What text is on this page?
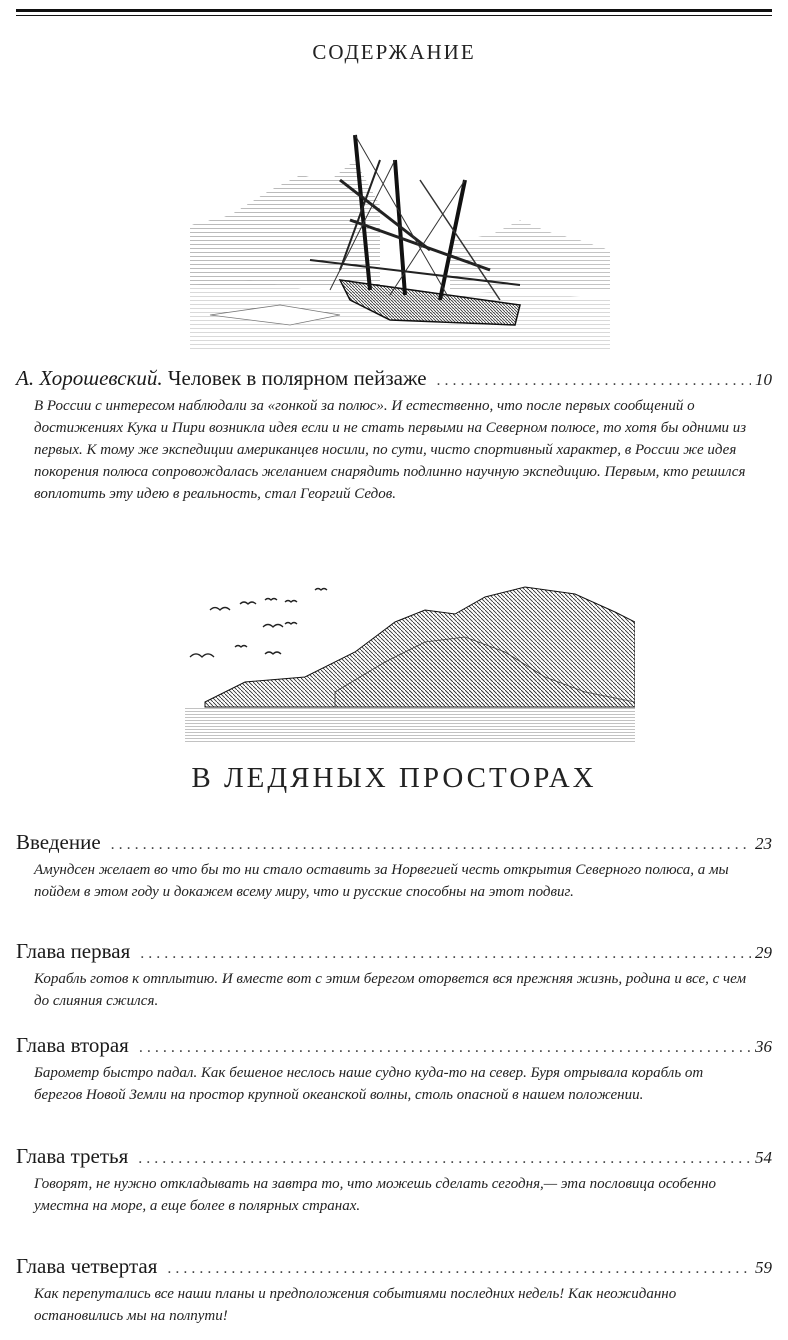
СОДЕРЖАНИЕ
А. Хорошевский.
Человек в полярном пейзаже . . .	10
В России с интересом наблюдали за «гонкой за полюс». И естественно, что после первых сообщений о достижениях Кука и Пири возникла идея если и не стать первыми на Северном полюсе, то хотя бы одними из первых. К тому же экспедиции американцев носили, по сути, чисто спортивный характер, в России же идея покорения полюса сопровождалась желанием снарядить подлинно научную экспедицию. Первым, кто решился воплотить эту идею в реальность, стал Георгий Седов.
В ЛЕДЯНЫХ ПРОСТОРАХ
Введение . . .	23
Амундсен желает во что бы то ни стало оставить за Норвегией честь открытия Северного полюса, а мы пойдем в этом году и докажем всему миру, что и русские способны на этот подвиг.
Глава первая . . .	29
Корабль готов к отплытию. И вместе вот с этим берегом оторвется вся прежняя жизнь, родина и все, с чем до слияния сжился.
Глава вторая . . .	36
Барометр быстро падал. Как бешеное неслось наше судно куда-то на север. Буря отрывала корабль от берегов Новой Земли на простор крупной океанской волны, столь опасной в нашем положении.
Глава третья . . .	54
Говорят, не нужно откладывать на завтра то, что можешь сделать сегодня,— эта пословица особенно уместна на море, а еще более в полярных странах.
Глава четвертая . . .	59
Как перепутались все наши планы и предположения событиями последних недель! Как неожиданно остановились мы на полпути!
